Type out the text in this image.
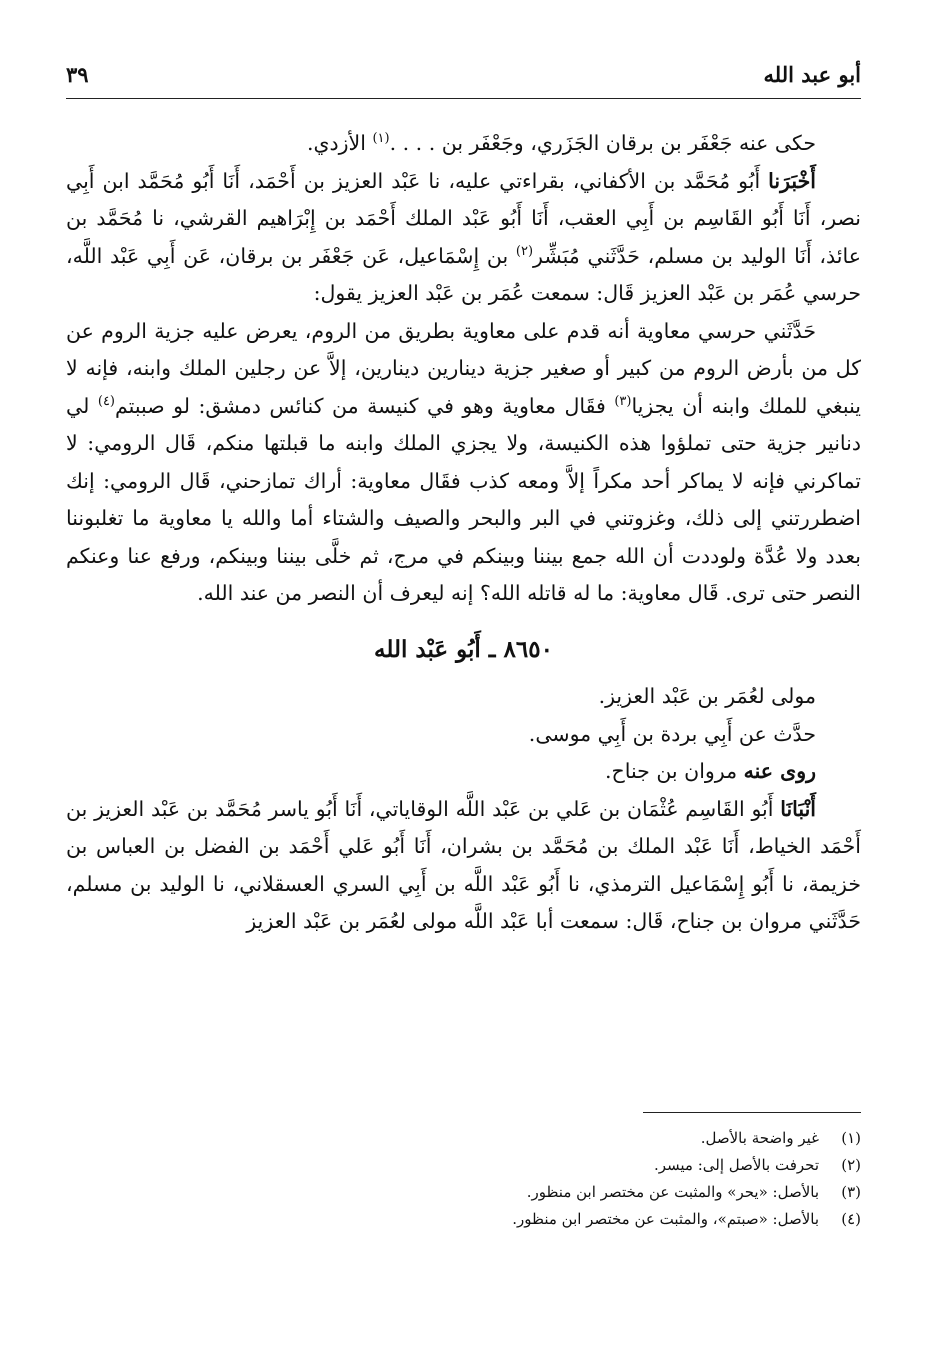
أبو عبد الله
٣٩

حكى عنه جَعْفَر بن برقان الجَزَري، وجَعْفَر بن . . . .$^{(١)}$ الأزدي.

أَخْبَرَنا أَبُو مُحَمَّد بن الأكفاني، بقراءتي عليه، نا عَبْد العزيز بن أَحْمَد، أَنَا أَبُو مُحَمَّد ابن أَبِي نصر، أَنَا أَبُو القَاسِم بن أَبِي العقب، أَنَا أَبُو عَبْد الملك أَحْمَد بن إِبْرَاهيم القرشي، نا مُحَمَّد بن عائذ، أَنَا الوليد بن مسلم، حَدَّثَني مُبَشِّر$^{(٢)}$ بن إِسْمَاعيل، عَن جَعْفَر بن برقان، عَن أَبِي عَبْد اللَّه، حرسي عُمَر بن عَبْد العزيز قَال: سمعت عُمَر بن عَبْد العزيز يقول:

حَدَّثَني حرسي معاوية أنه قدم على معاوية بطريق من الروم، يعرض عليه جزية الروم عن كل من بأرض الروم من كبير أو صغير جزية دينارين دينارين، إلاَّ عن رجلين الملك وابنه، فإنه لا ينبغي للملك وابنه أن يجزيا$^{(٣)}$ فقَال معاوية وهو في كنيسة من كنائس دمشق: لو صببتم$^{(٤)}$ لي دنانير جزية حتى تملؤوا هذه الكنيسة، ولا يجزي الملك وابنه ما قبلتها منكم، قَال الرومي: لا تماكرني فإنه لا يماكر أحد مكراً إلاَّ ومعه كذب فقَال معاوية: أراك تمازحني، قَال الرومي: إنك اضطررتني إلى ذلك، وغزوتني في البر والبحر والصيف والشتاء أما والله يا معاوية ما تغلبوننا بعدد ولا عُدَّة ولوددت أن الله جمع بيننا وبينكم في مرج، ثم خلَّى بيننا وبينكم، ورفع عنا وعنكم النصر حتى ترى. قَال معاوية: ما له قاتله الله؟ إنه ليعرف أن النصر من عند الله.

٨٦٥٠ ـ أَبُو عَبْد الله

مولى لعُمَر بن عَبْد العزيز.

حدَّث عن أَبِي بردة بن أَبِي موسى.

روى عنه مروان بن جناح.

أَنْبَانَا أَبُو القَاسِم عُثْمَان بن عَلي بن عَبْد اللَّه الوقاياتي، أَنَا أَبُو ياسر مُحَمَّد بن عَبْد العزيز بن أَحْمَد الخياط، أَنَا عَبْد الملك بن مُحَمَّد بن بشران، أَنَا أَبُو عَلي أَحْمَد بن الفضل بن العباس بن خزيمة، نا أَبُو إِسْمَاعيل الترمذي، نا أَبُو عَبْد اللَّه بن أَبِي السري العسقلاني، نا الوليد بن مسلم، حَدَّثَني مروان بن جناح، قَال: سمعت أبا عَبْد اللَّه مولى لعُمَر بن عَبْد العزيز

(١)غير واضحة بالأصل.
(٢)تحرفت بالأصل إلى: ميسر.
(٣)بالأصل: «يحر» والمثبت عن مختصر ابن منظور.
(٤)بالأصل: «صبتم»، والمثبت عن مختصر ابن منظور.
